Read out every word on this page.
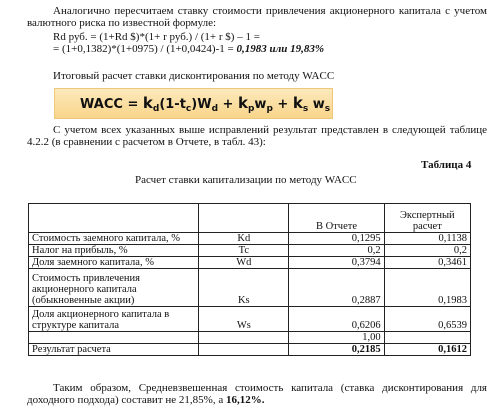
Аналогично пересчитаем ставку стоимости привлечения акционерного капитала с учетом валютного риска по известной формуле:
Rd руб. = (1+Rd $)*(1+ r руб.) / (1+ r $) – 1 =
= (1+0,1382)*(1+0975) / (1+0,0424)-1 = 0,1983 или 19,83%
Итоговый расчет ставки дисконтирования по методу WACC
WACC = $k_d(1-t_c)W_d + k_pw_p + k_s$ $w_s$
С учетом всех указанных выше исправлений результат представлен в следующей таблице 4.2.2 (в сравнении с расчетом в Отчете, в табл. 43):
Таблица 4
Расчет ставки капитализации по методу WACC
		В Отчете	Экспертный расчет
Стоимость заемного капитала, %	Kd	0,1295	0,1138
Налог на прибыль, %	Tc	0,2	0,2
Доля заемного капитала, %	Wd	0,3794	0,3461
Стоимость привлечения акционерного капитала (обыкновенные акции)	Ks	0,2887	0,1983
Доля акционерного капитала в структуре капитала	Ws	0,6206	0,6539
		1,00	
Результат расчета		0,2185	0,1612
Таким образом, Средневзвешенная стоимость капитала (ставка дисконтирования для доходного подхода) составит не 21,85%, а 16,12%.
